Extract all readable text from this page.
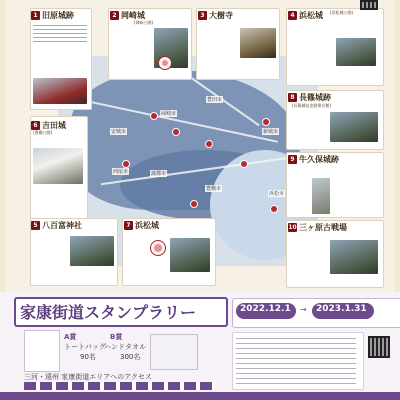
豊田市
岡崎市
浜松市
豊橋市
新城市
蒲郡市
西尾市
安城市
1 旧原城跡	2 岡崎城
(岡崎公園)
3 大樹寺	4 浜松城 (浜松城公園)
8 長篠城跡
(長篠城址史跡保存館)
9 牛久保城跡
10 三ヶ原古戦場
6 吉田城
(豊橋公園)
5 八百富神社	7 浜松城
家康街道スタンプラリー	2022.12.1 → 2023.1.31
A賞
トートバッグ
90名
B賞
ハンドタオル
300名
三河・遠州 家康街道エリアへのアクセス
